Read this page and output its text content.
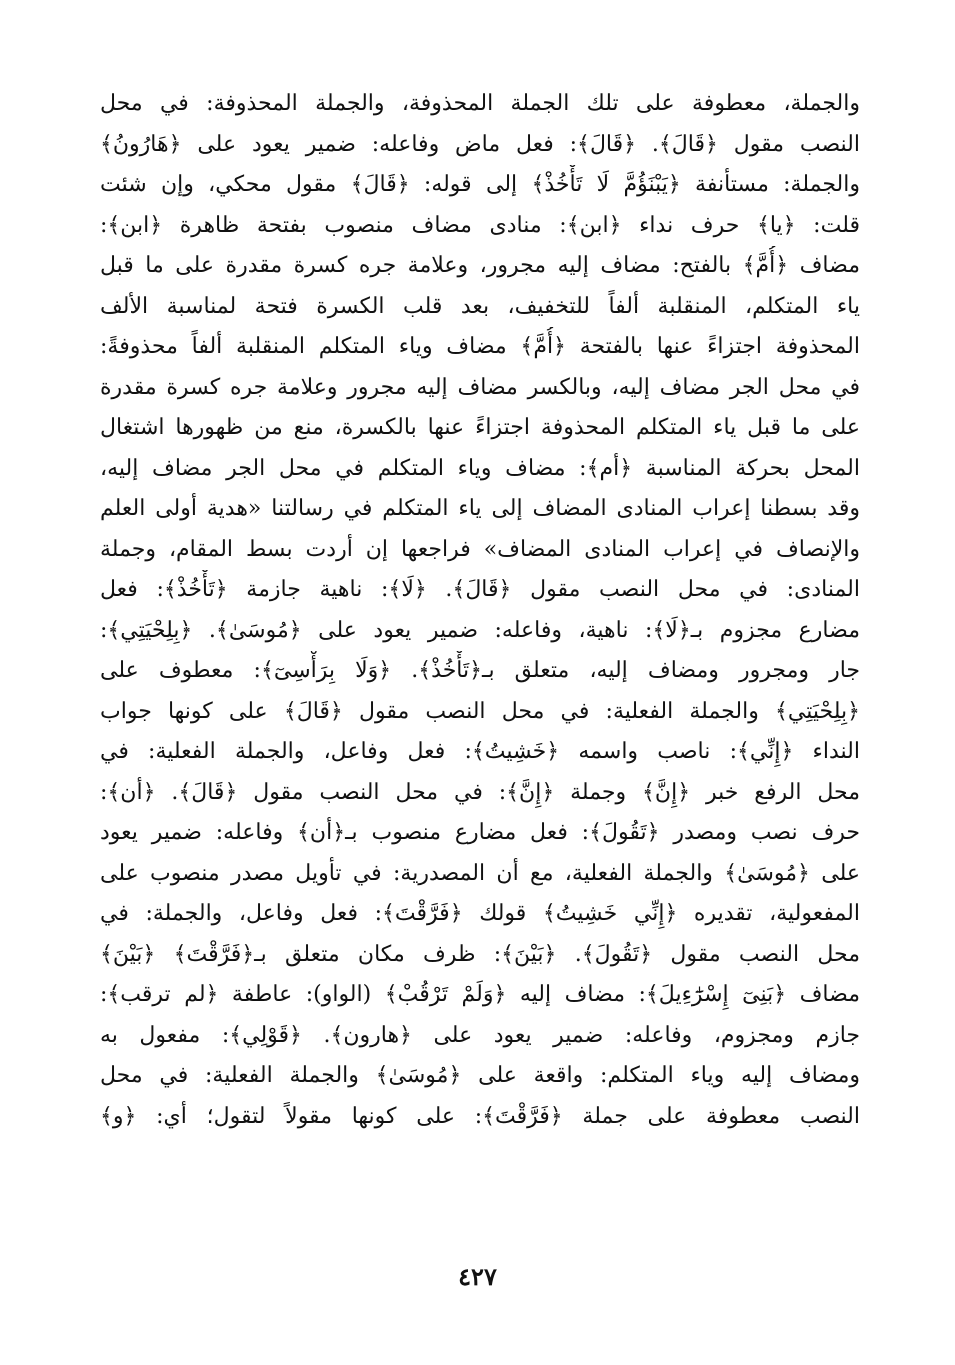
والجملة، معطوفة على تلك الجملة المحذوفة، والجملة المحذوفة: في محل
النصب مقول ﴿قَالَ﴾. ﴿قَالَ﴾: فعل ماض وفاعله: ضمير يعود على ﴿هَارُونُ﴾
والجملة: مستأنفة ﴿يَبْنَؤُمَّ لَا تَأْخُذْ﴾ إلى قوله: ﴿قَالَ﴾ مقول محكي، وإن شئت
قلت: ﴿يا﴾ حرف نداء ﴿ابن﴾: منادى مضاف منصوب بفتحة ظاهرة ﴿ابن﴾:
مضاف ﴿أُمَّ﴾ بالفتح: مضاف إليه مجرور، وعلامة جره كسرة مقدرة على ما قبل
ياء المتكلم، المنقلبة ألفاً للتخفيف، بعد قلب الكسرة فتحة لمناسبة الألف
المحذوفة اجتزاءً عنها بالفتحة ﴿أُمَّ﴾ مضاف وياء المتكلم المنقلبة ألفاً محذوفةً:
في محل الجر مضاف إليه، وبالكسر مضاف إليه مجرور وعلامة جره كسرة مقدرة
على ما قبل ياء المتكلم المحذوفة اجتزاءً عنها بالكسرة، منع من ظهورها اشتغال
المحل بحركة المناسبة ﴿أم﴾: مضاف وياء المتكلم في محل الجر مضاف إليه،
وقد بسطنا إعراب المنادى المضاف إلى ياء المتكلم في رسالتنا «هدية أولى العلم
والإنصاف في إعراب المنادى المضاف» فراجعها إن أردت بسط المقام، وجملة
المنادى: في محل النصب مقول ﴿قَالَ﴾. ﴿لَا﴾: ناهية جازمة ﴿تَأْخُذْ﴾: فعل
مضارع مجزوم بـ﴿لَا﴾: ناهية، وفاعله: ضمير يعود على ﴿مُوسَىٰ﴾. ﴿بِلِحْيَتِي﴾:
جار ومجرور ومضاف إليه، متعلق بـ﴿تَأْخُذْ﴾. ﴿وَلَا بِرَأْسِىٓ﴾: معطوف على
﴿بِلِحْيَتِي﴾ والجملة الفعلية: في محل النصب مقول ﴿قَالَ﴾ على كونها جواب
النداء ﴿إِنِّي﴾: ناصب واسمه ﴿خَشِيتُ﴾: فعل وفاعل، والجملة الفعلية: في
محل الرفع خبر ﴿إِنَّ﴾ وجملة ﴿إِنَّ﴾: في محل النصب مقول ﴿قَالَ﴾. ﴿أن﴾:
حرف نصب ومصدر ﴿تَقُولَ﴾: فعل مضارع منصوب بـ﴿أن﴾ وفاعله: ضمير يعود
على ﴿مُوسَىٰ﴾ والجملة الفعلية، مع أن المصدرية: في تأويل مصدر منصوب على
المفعولية، تقديره ﴿إِنِّي خَشِيتُ﴾ قولك ﴿فَرَّقْتَ﴾: فعل وفاعل، والجملة: في
محل النصب مقول ﴿تَقُولَ﴾. ﴿بَيْنَ﴾: ظرف مكان متعلق بـ﴿فَرَّقْتَ﴾ ﴿بَيْنَ﴾
مضاف ﴿بَنِىٓ إِسْرَٰٓءِيلَ﴾: مضاف إليه ﴿وَلَمْ تَرْقُبْ﴾ (الواو): عاطفة ﴿لم ترقب﴾:
جازم ومجزوم، وفاعله: ضمير يعود على ﴿هارون﴾. ﴿قَوْلِي﴾: مفعول به
ومضاف إليه وياء المتكلم: واقعة على ﴿مُوسَىٰ﴾ والجملة الفعلية: في محل
النصب معطوفة على جملة ﴿فَرَّقْتَ﴾: على كونها مقولاً لتقول؛ أي: ﴿و﴾
٤٢٧
